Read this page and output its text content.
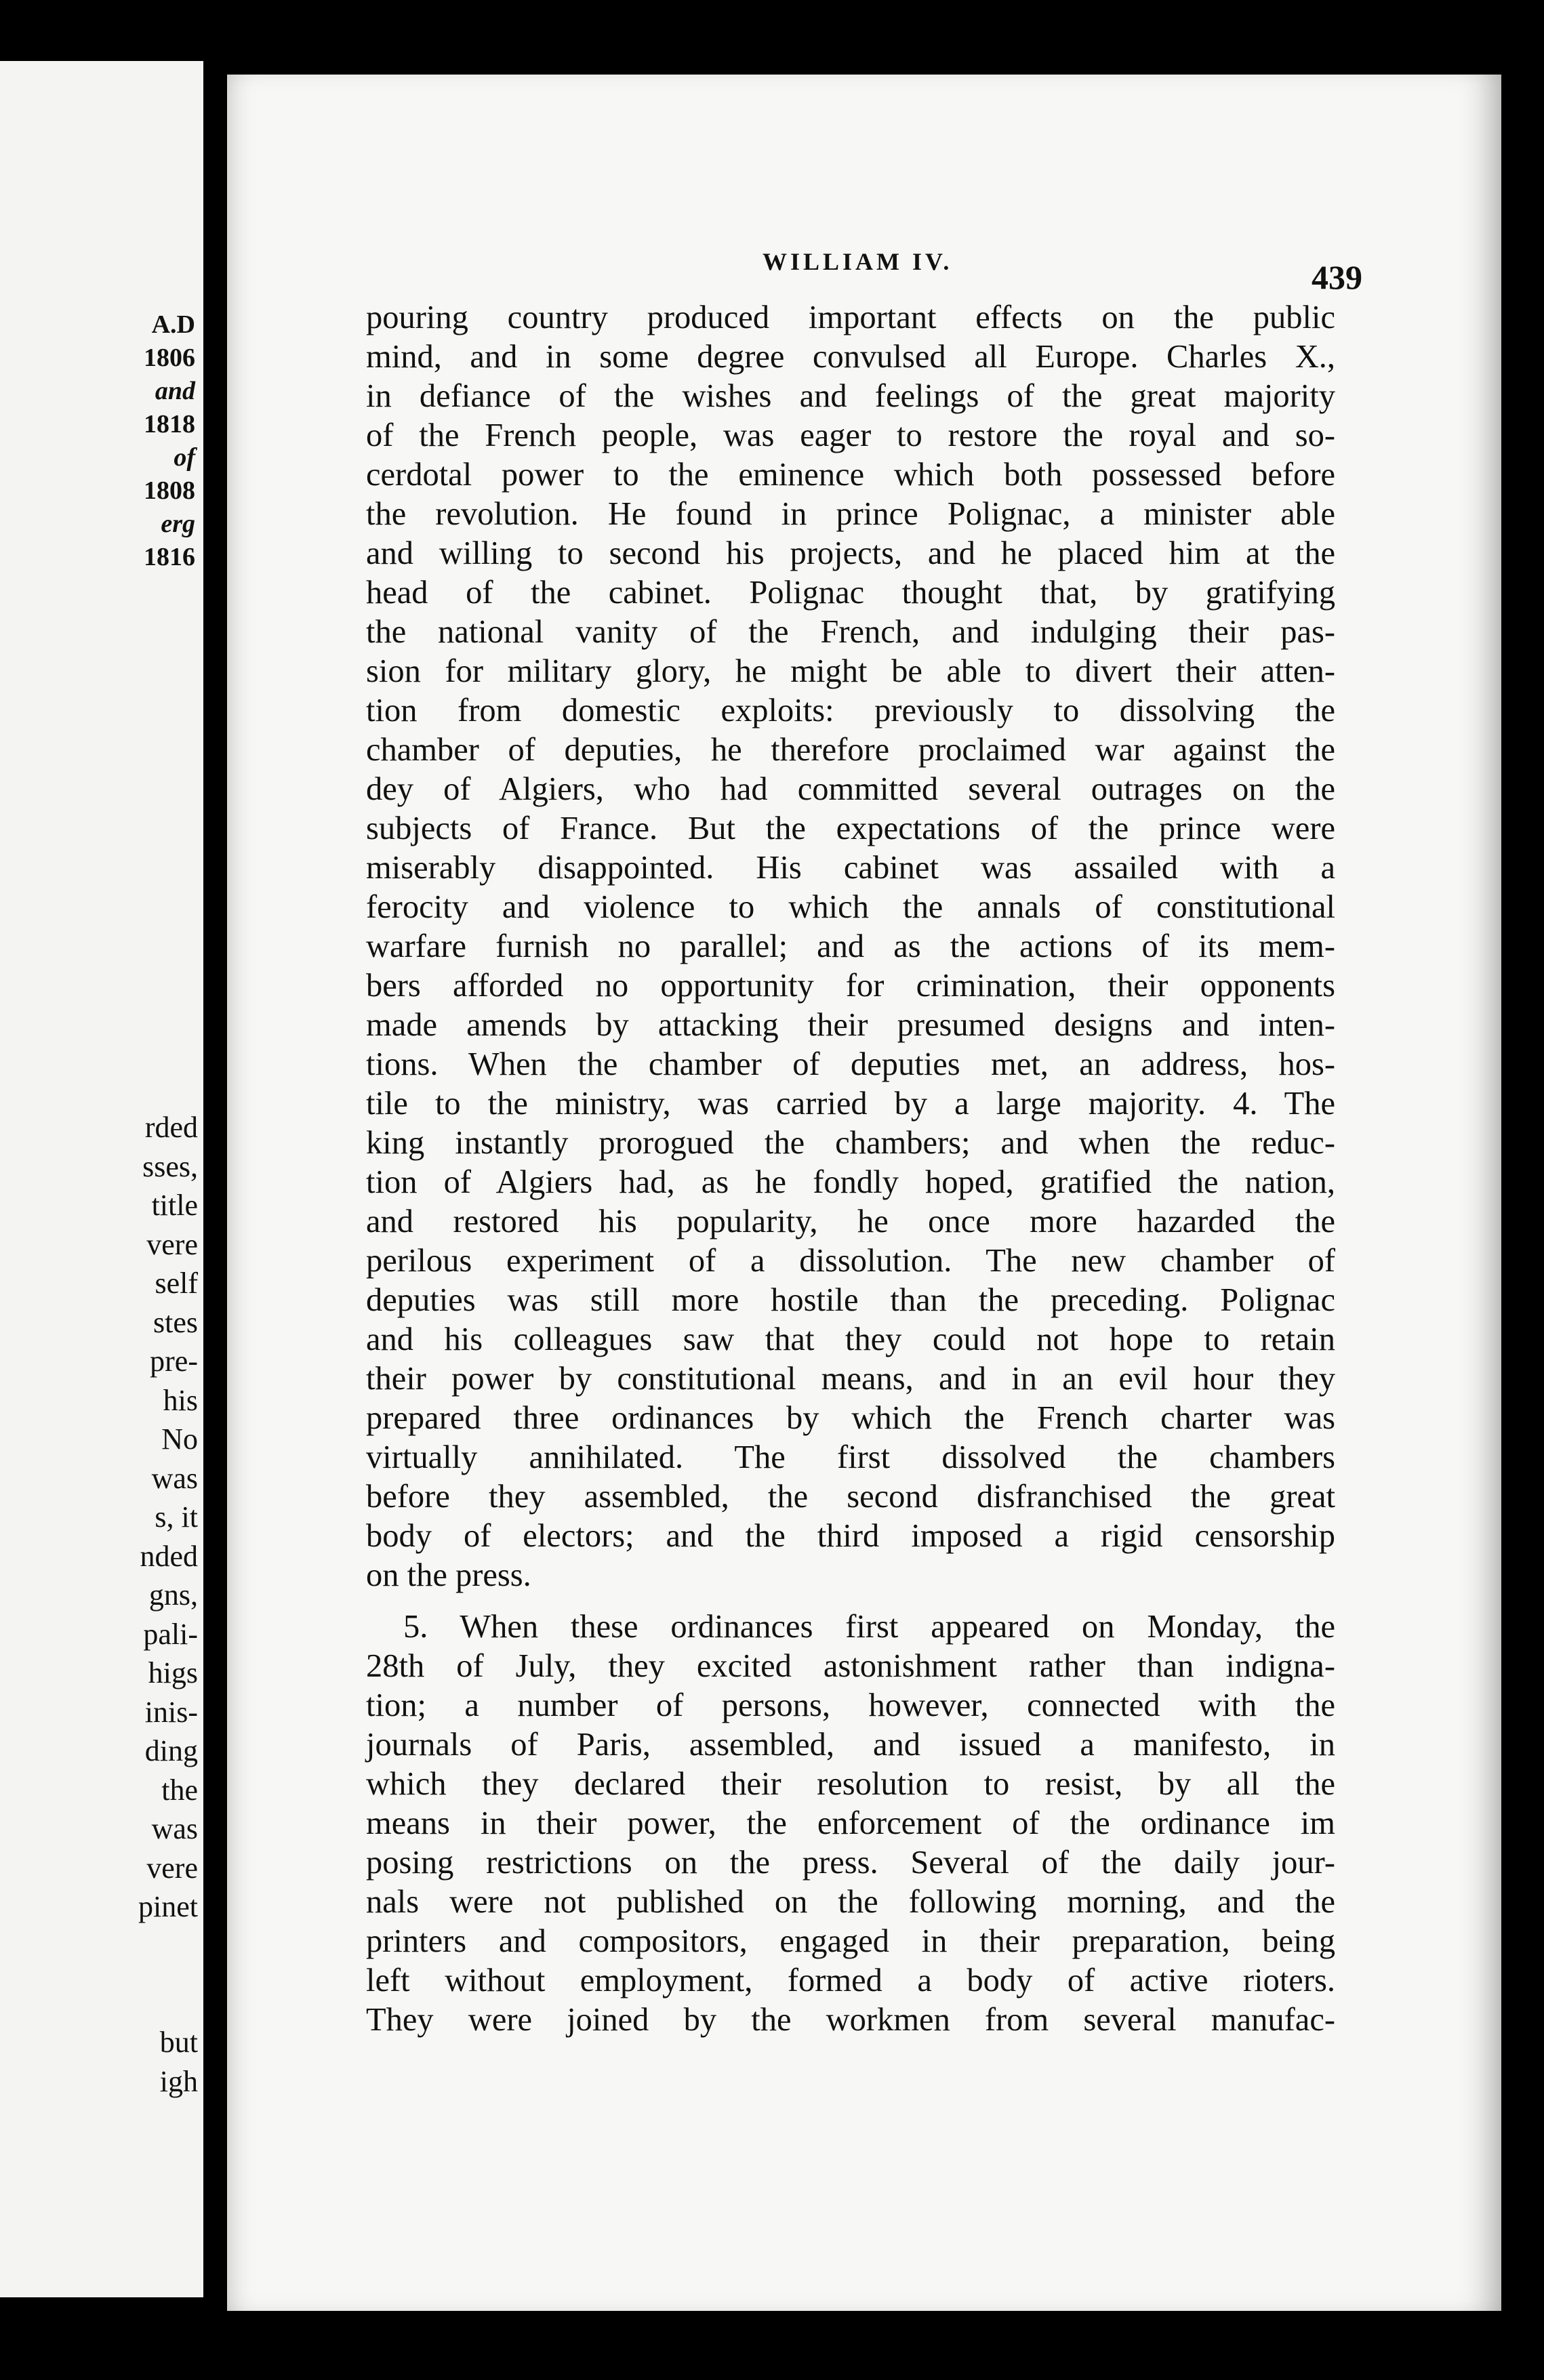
A.D
1806
and
1818
of
1808
erg
1816
rded
sses,
title
vere
self
stes
pre-
his
No
was
s, it
nded
gns,
pali-
higs
inis-
ding
the
was
vere
pinet
but
igh
WILLIAM IV.	439
pouring country produced important effects on the public
mind, and in some degree convulsed all Europe. Charles X.,
in defiance of the wishes and feelings of the great majority
of the French people, was eager to restore the royal and so-
cerdotal power to the eminence which both possessed before
the revolution. He found in prince Polignac, a minister able
and willing to second his projects, and he placed him at the
head of the cabinet. Polignac thought that, by gratifying
the national vanity of the French, and indulging their pas-
sion for military glory, he might be able to divert their atten-
tion from domestic exploits: previously to dissolving the
chamber of deputies, he therefore proclaimed war against the
dey of Algiers, who had committed several outrages on the
subjects of France. But the expectations of the prince were
miserably disappointed. His cabinet was assailed with a
ferocity and violence to which the annals of constitutional
warfare furnish no parallel; and as the actions of its mem-
bers afforded no opportunity for crimination, their opponents
made amends by attacking their presumed designs and inten-
tions. When the chamber of deputies met, an address, hos-
tile to the ministry, was carried by a large majority. 4. The
king instantly prorogued the chambers; and when the reduc-
tion of Algiers had, as he fondly hoped, gratified the nation,
and restored his popularity, he once more hazarded the
perilous experiment of a dissolution. The new chamber of
deputies was still more hostile than the preceding. Polignac
and his colleagues saw that they could not hope to retain
their power by constitutional means, and in an evil hour they
prepared three ordinances by which the French charter was
virtually annihilated. The first dissolved the chambers
before they assembled, the second disfranchised the great
body of electors; and the third imposed a rigid censorship
on the press.
5. When these ordinances first appeared on Monday, the
28th of July, they excited astonishment rather than indigna-
tion; a number of persons, however, connected with the
journals of Paris, assembled, and issued a manifesto, in
which they declared their resolution to resist, by all the
means in their power, the enforcement of the ordinance im
posing restrictions on the press. Several of the daily jour-
nals were not published on the following morning, and the
printers and compositors, engaged in their preparation, being
left without employment, formed a body of active rioters.
They were joined by the workmen from several manufac-
